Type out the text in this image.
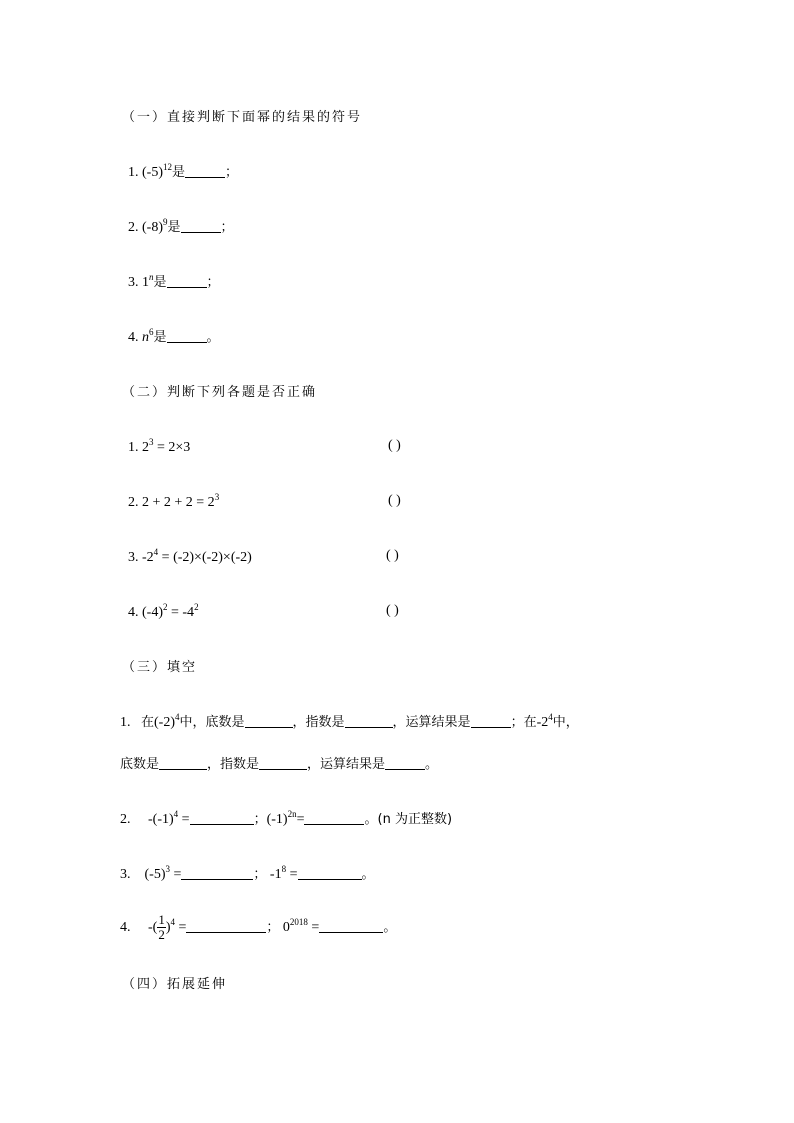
（一）直接判断下面幂的结果的符号
1. $(-5)^{12}$是	；
2. $(-8)^9$是	；
3. 1$^n$是	；
4. $n^6$是	。
（二）判断下列各题是否正确
1. $2^3 = 2\times 3$	( )
2. $2 + 2 + 2 = 2^3$	( )
3. $-2^4 = (-2)\times(-2)\times(-2)$	( )
4. $(-4)^2 = -4^2$	( )
（三）填空
1. 在$(-2)^4$中，底数是	，指数是	，运算结果是	；在$-2^4$中，
底数是	，指数是	，运算结果是	。
2. $-(-1)^4$ =	；$(-1)^{2n}=$	。(n 为正整数)
3. $(-5)^3$ =	； $-1^8$ =	。
4. -( $\frac{1}{2} )^4$ =	； $0^{2018}$ =	。
（四）拓展延伸
